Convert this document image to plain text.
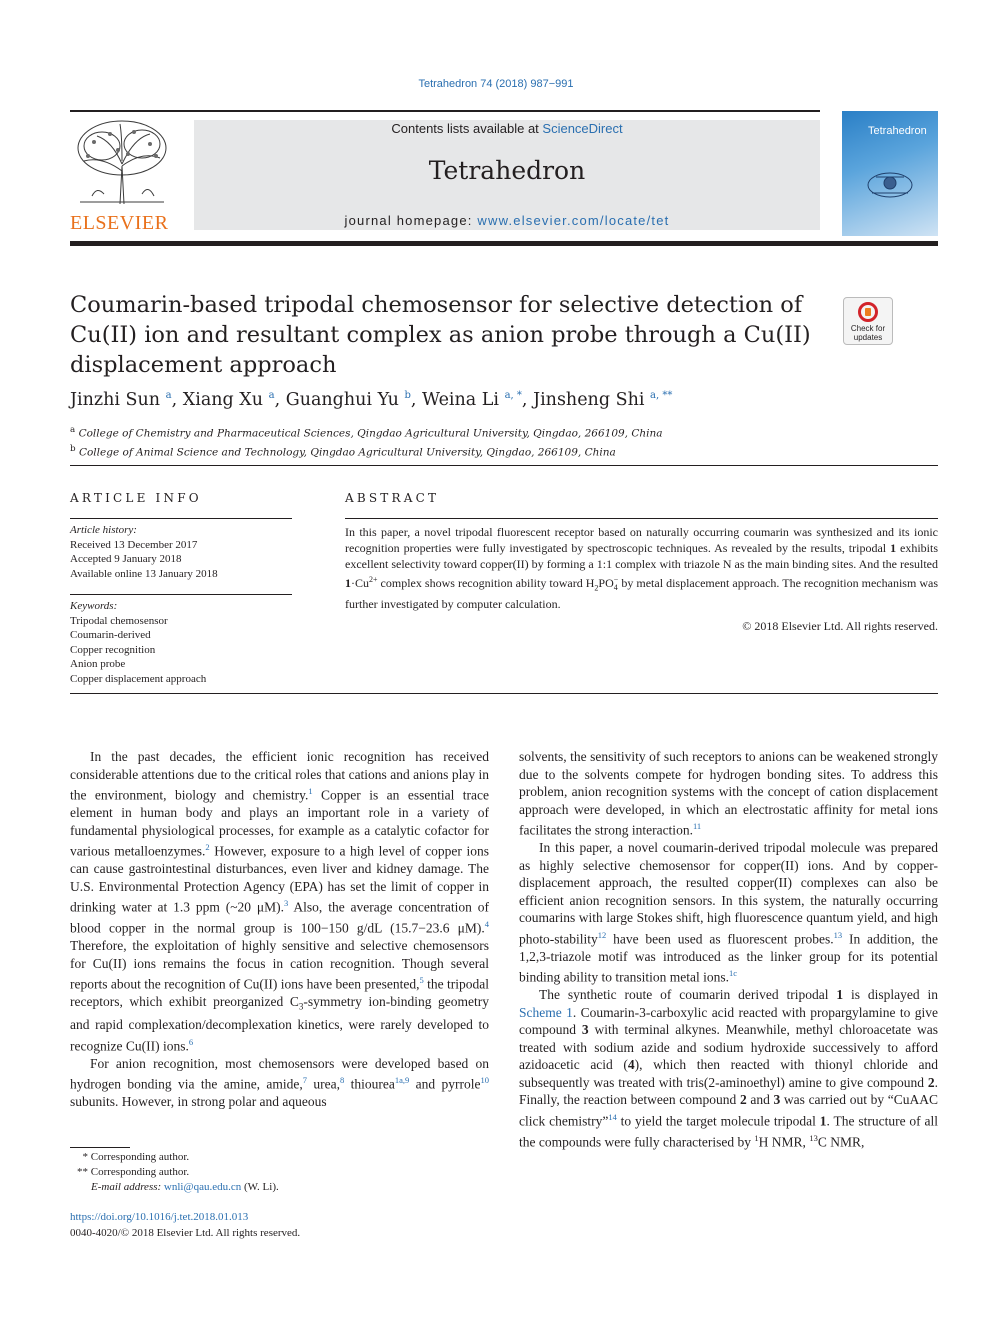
Tetrahedron 74 (2018) 987−991
ELSEVIER
Contents lists available at ScienceDirect
Tetrahedron
journal homepage: www.elsevier.com/locate/tet
Tetrahedron
Coumarin-based tripodal chemosensor for selective detection of Cu(II) ion and resultant complex as anion probe through a Cu(II) displacement approach
Check for
updates
Jinzhi Sun $^a$, Xiang Xu $^a$, Guanghui Yu $^b$, Weina Li $^{a, *}$, Jinsheng Shi $^{a, **}$
$^a$ College of Chemistry and Pharmaceutical Sciences, Qingdao Agricultural University, Qingdao, 266109, China
$^b$ College of Animal Science and Technology, Qingdao Agricultural University, Qingdao, 266109, China
ARTICLE INFO
Article history:
Received 13 December 2017
Accepted 9 January 2018
Available online 13 January 2018
Keywords:
Tripodal chemosensor
Coumarin-derived
Copper recognition
Anion probe
Copper displacement approach
ABSTRACT
In this paper, a novel tripodal fluorescent receptor based on naturally occurring coumarin was synthesized and its ionic recognition properties were fully investigated by spectroscopic techniques. As revealed by the results, tripodal 1 exhibits excellent selectivity toward copper(II) by forming a 1:1 complex with triazole N as the main binding sites. And the resulted $1\cdot Cu^{2+}$ complex shows recognition ability toward $H_2PO$ −
4 by metal displacement approach. The recognition mechanism was further investigated by computer calculation.
© 2018 Elsevier Ltd. All rights reserved.

In the past decades, the efficient ionic recognition has received considerable attentions due to the critical roles that cations and anions play in the environment, biology and chemistry.$^1$ Copper is an essential trace element in human body and plays an important role in a variety of fundamental physiological processes, for example as a catalytic cofactor for various metalloenzymes.$^2$ However, exposure to a high level of copper ions can cause gastrointestinal disturbances, even liver and kidney damage. The U.S. Environmental Protection Agency (EPA) has set the limit of copper in drinking water at 1.3 ppm (~20 μM).$^3$ Also, the average concentration of blood copper in the normal group is 100−150 g/dL (15.7−23.6 μM).$^4$ Therefore, the exploitation of highly sensitive and selective chemosensors for Cu(II) ions remains the focus in cation recognition. Though several reports about the recognition of Cu(II) ions have been presented,$^5$ the tripodal receptors, which exhibit preorganized $C_3$-symmetry ion-binding geometry and rapid complexation/decomplexation kinetics, were rarely developed to recognize Cu(II) ions.$^6$

For anion recognition, most chemosensors were developed based on hydrogen bonding via the amine, amide,$^7$ urea,$^8$ thiourea$^{1a,9}$ and pyrrole$^{10}$ subunits. However, in strong polar and aqueous

solvents, the sensitivity of such receptors to anions can be weakened strongly due to the solvents compete for hydrogen bonding sites. To address this problem, anion recognition systems with the concept of cation displacement approach were developed, in which an electrostatic affinity for metal ions facilitates the strong interaction.$^{11}$

In this paper, a novel coumarin-derived tripodal molecule was prepared as highly selective chemosensor for copper(II) ions. And by copper-displacement approach, the resulted copper(II) complexes can also be efficient anion recognition sensors. In this system, the naturally occurring coumarins with large Stokes shift, high fluorescence quantum yield, and high photo-stability$^{12}$ have been used as fluorescent probes.$^{13}$ In addition, the 1,2,3-triazole motif was introduced as the linker group for its potential binding ability to transition metal ions.$^{1c}$

The synthetic route of coumarin derived tripodal 1 is displayed in Scheme 1. Coumarin-3-carboxylic acid reacted with propargylamine to give compound 3 with terminal alkynes. Meanwhile, methyl chloroacetate was treated with sodium azide and sodium hydroxide successively to afford azidoacetic acid (4), which then reacted with thionyl chloride and subsequently was treated with tris(2-aminoethyl) amine to give compound 2. Finally, the reaction between compound 2 and 3 was carried out by “CuAAC click chemistry”$^{14}$ to yield the target molecule tripodal 1. The structure of all the compounds were fully characterised by $^1$H NMR, $^{13}$C NMR,

* Corresponding author.
** Corresponding author.
E-mail address: wnli@qau.edu.cn (W. Li).
https://doi.org/10.1016/j.tet.2018.01.013
0040-4020/© 2018 Elsevier Ltd. All rights reserved.
